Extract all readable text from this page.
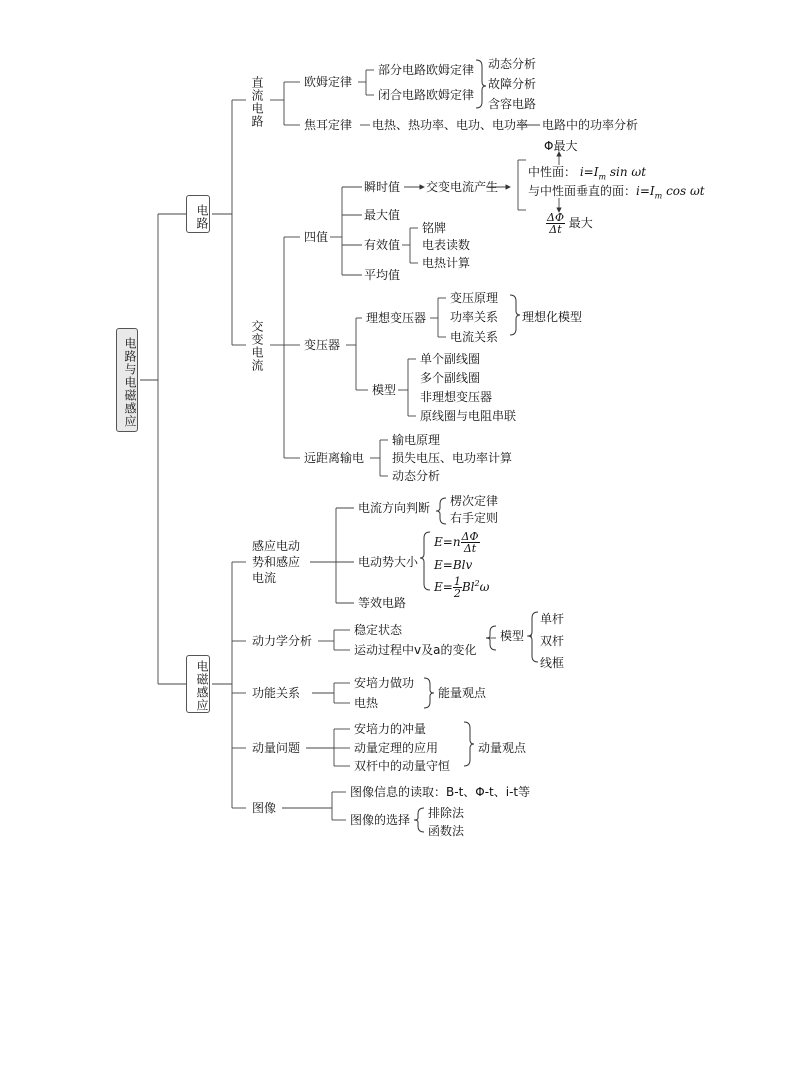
电路与电磁感应
电路
直流电路	欧姆定律
部分电路欧姆定律
闭合电路欧姆定律
动态分析
故障分析
含容电路
焦耳定律 电热、热功率、电功、电功率 电路中的功率分析
交变电流
四值
瞬时值 交变电流产生
Φ最大
中性面： $i=I_m$ sin ωt
与中性面垂直的面：$i=I_m$ cos ωt
$\frac{\Delta\Phi}{\Delta t}$ 最大
最大值
有效值
铭牌
电表读数
电热计算
平均值
变压器
理想变压器
变压原理
功率关系
电流关系
理想化模型
模型
单个副线圈
多个副线圈
非理想变压器
原线圈与电阻串联
远距离输电
输电原理
损失电压、电功率计算
动态分析
电磁感应
感应电动
势和感应
电流
电流方向判断 楞次定律
右手定则
电动势大小
$E=n \frac{\Delta\Phi}{\Delta t}$
E=Blv
$E= \frac{1}{2} Bl^2\omega$
等效电路
动力学分析
稳定状态
运动过程中v及a的变化
模型
单杆
双杆
线框
功能关系
安培力做功
电热
能量观点
动量问题
安培力的冲量
动量定理的应用
双杆中的动量守恒
动量观点
图像
图像信息的读取：B-t、Φ-t、i-t等
图像的选择 排除法
函数法
